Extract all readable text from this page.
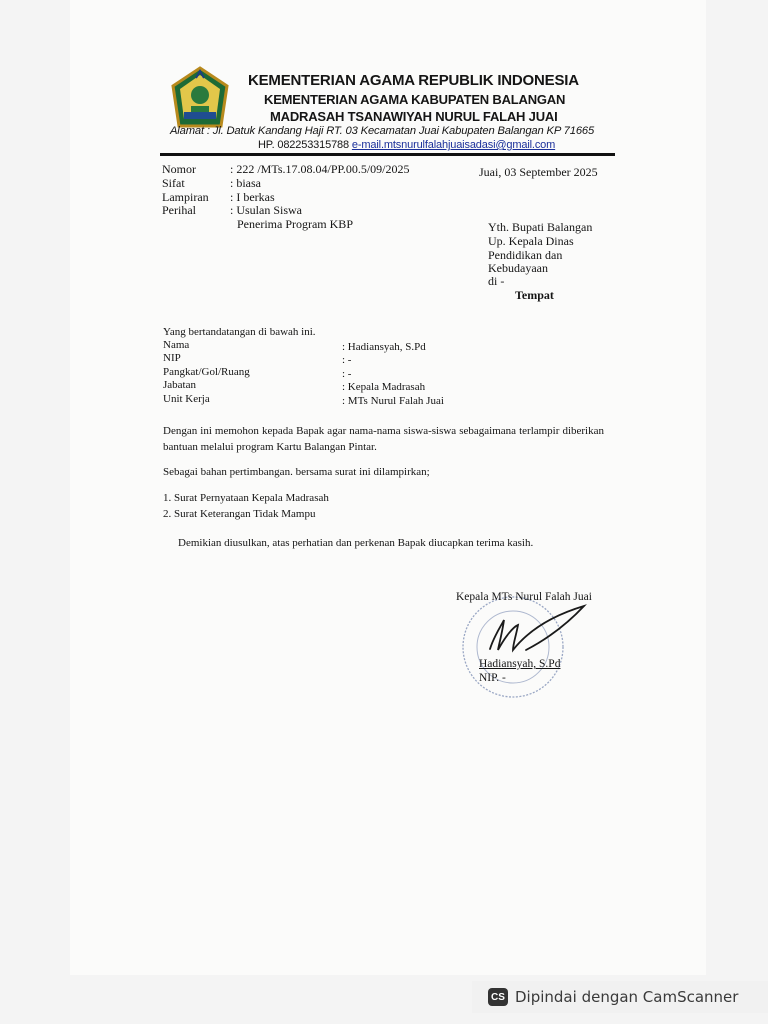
KEMENTERIAN AGAMA REPUBLIK INDONESIA
KEMENTERIAN AGAMA KABUPATEN BALANGAN
MADRASAH TSANAWIYAH NURUL FALAH JUAI
Alamat : Jl. Datuk Kandang Haji RT. 03 Kecamatan Juai Kabupaten Balangan KP 71665
HP. 082253315788 e-mail.mtsnurulfalahjuaisadasi@gmail.com
Nomor	: 222 /MTs.17.08.04/PP.00.5/09/2025
Sifat	: biasa
Lampiran : I berkas
Perihal	: Usulan Siswa
Penerima Program KBP
Juai, 03 September 2025
Yth. Bupati Balangan
Up. Kepala Dinas
Pendidikan dan
Kebudayaan
di -
Tempat
Yang bertandatangan di bawah ini.
Nama	: Hadiansyah, S.Pd
NIP	: -
Pangkat/Gol/Ruang	: -
Jabatan	: Kepala Madrasah
Unit Kerja	: MTs Nurul Falah Juai
Dengan ini memohon kepada Bapak agar nama-nama siswa-siswa sebagaimana terlampir diberikan bantuan melalui program Kartu Balangan Pintar.
Sebagai bahan pertimbangan. bersama surat ini dilampirkan;
1. Surat Pernyataan Kepala Madrasah
2. Surat Keterangan Tidak Mampu
Demikian diusulkan, atas perhatian dan perkenan Bapak diucapkan terima kasih.
Kepala MTs Nurul Falah Juai
Hadiansyah, S.Pd
NIP. -
CS Dipindai dengan CamScanner
